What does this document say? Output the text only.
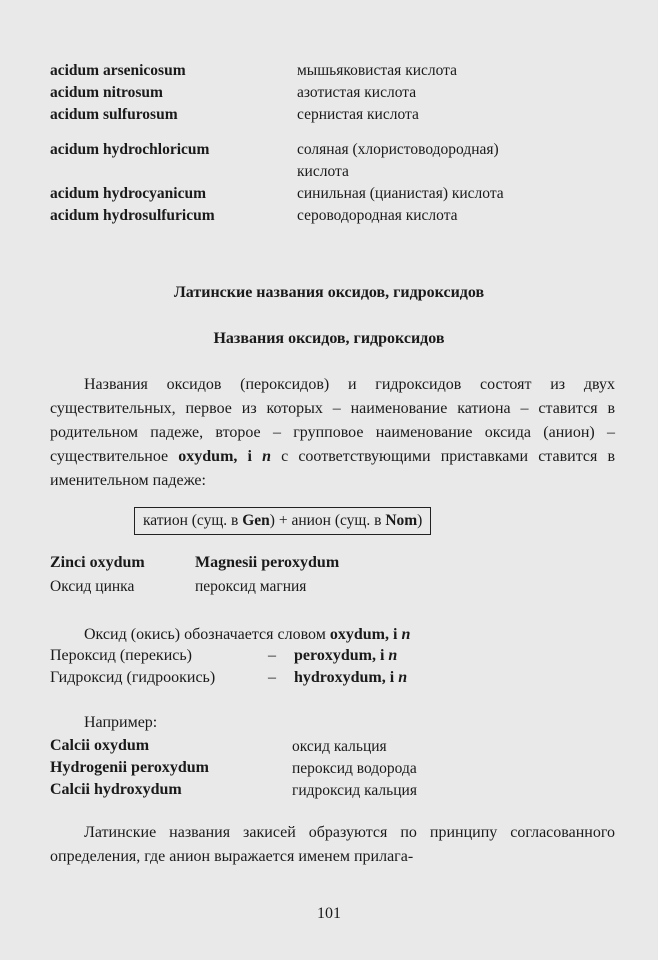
acidum arsenicosum	мышьяковистая кислота
acidum nitrosum	азотистая кислота
acidum sulfurosum	сернистая кислота
acidum hydrochloricum	соляная (хлористоводородная)
кислота
acidum hydrocyanicum	синильная (цианистая) кислота
acidum hydrosulfuricum	сероводородная кислота
Латинские названия оксидов, гидроксидов
Названия оксидов, гидроксидов
Названия оксидов (пероксидов) и гидроксидов состоят из двух существительных, первое из которых – наименование катиона – ставится в родительном падеже, второе – групповое наименование оксида (анион) – существительное oxydum, i n с соответствующими приставками ставится в именительном падеже:
катион (сущ. в Gen) + анион (сущ. в Nom)
Zinci oxydum	Magnesii peroxydum
Оксид цинка	пероксид магния
Оксид (окись) обозначается словом oxydum, i n
Пероксид (перекись)	– peroxydum, i n
Гидроксид (гидроокись)	– hydroxydum, i n
Например:
Calcii oxydum	оксид кальция
Hydrogenii peroxydum	пероксид водорода
Calcii hydroxydum	гидроксид кальция
Латинские названия закисей образуются по принципу согласованного определения, где анион выражается именем прилага-
101
